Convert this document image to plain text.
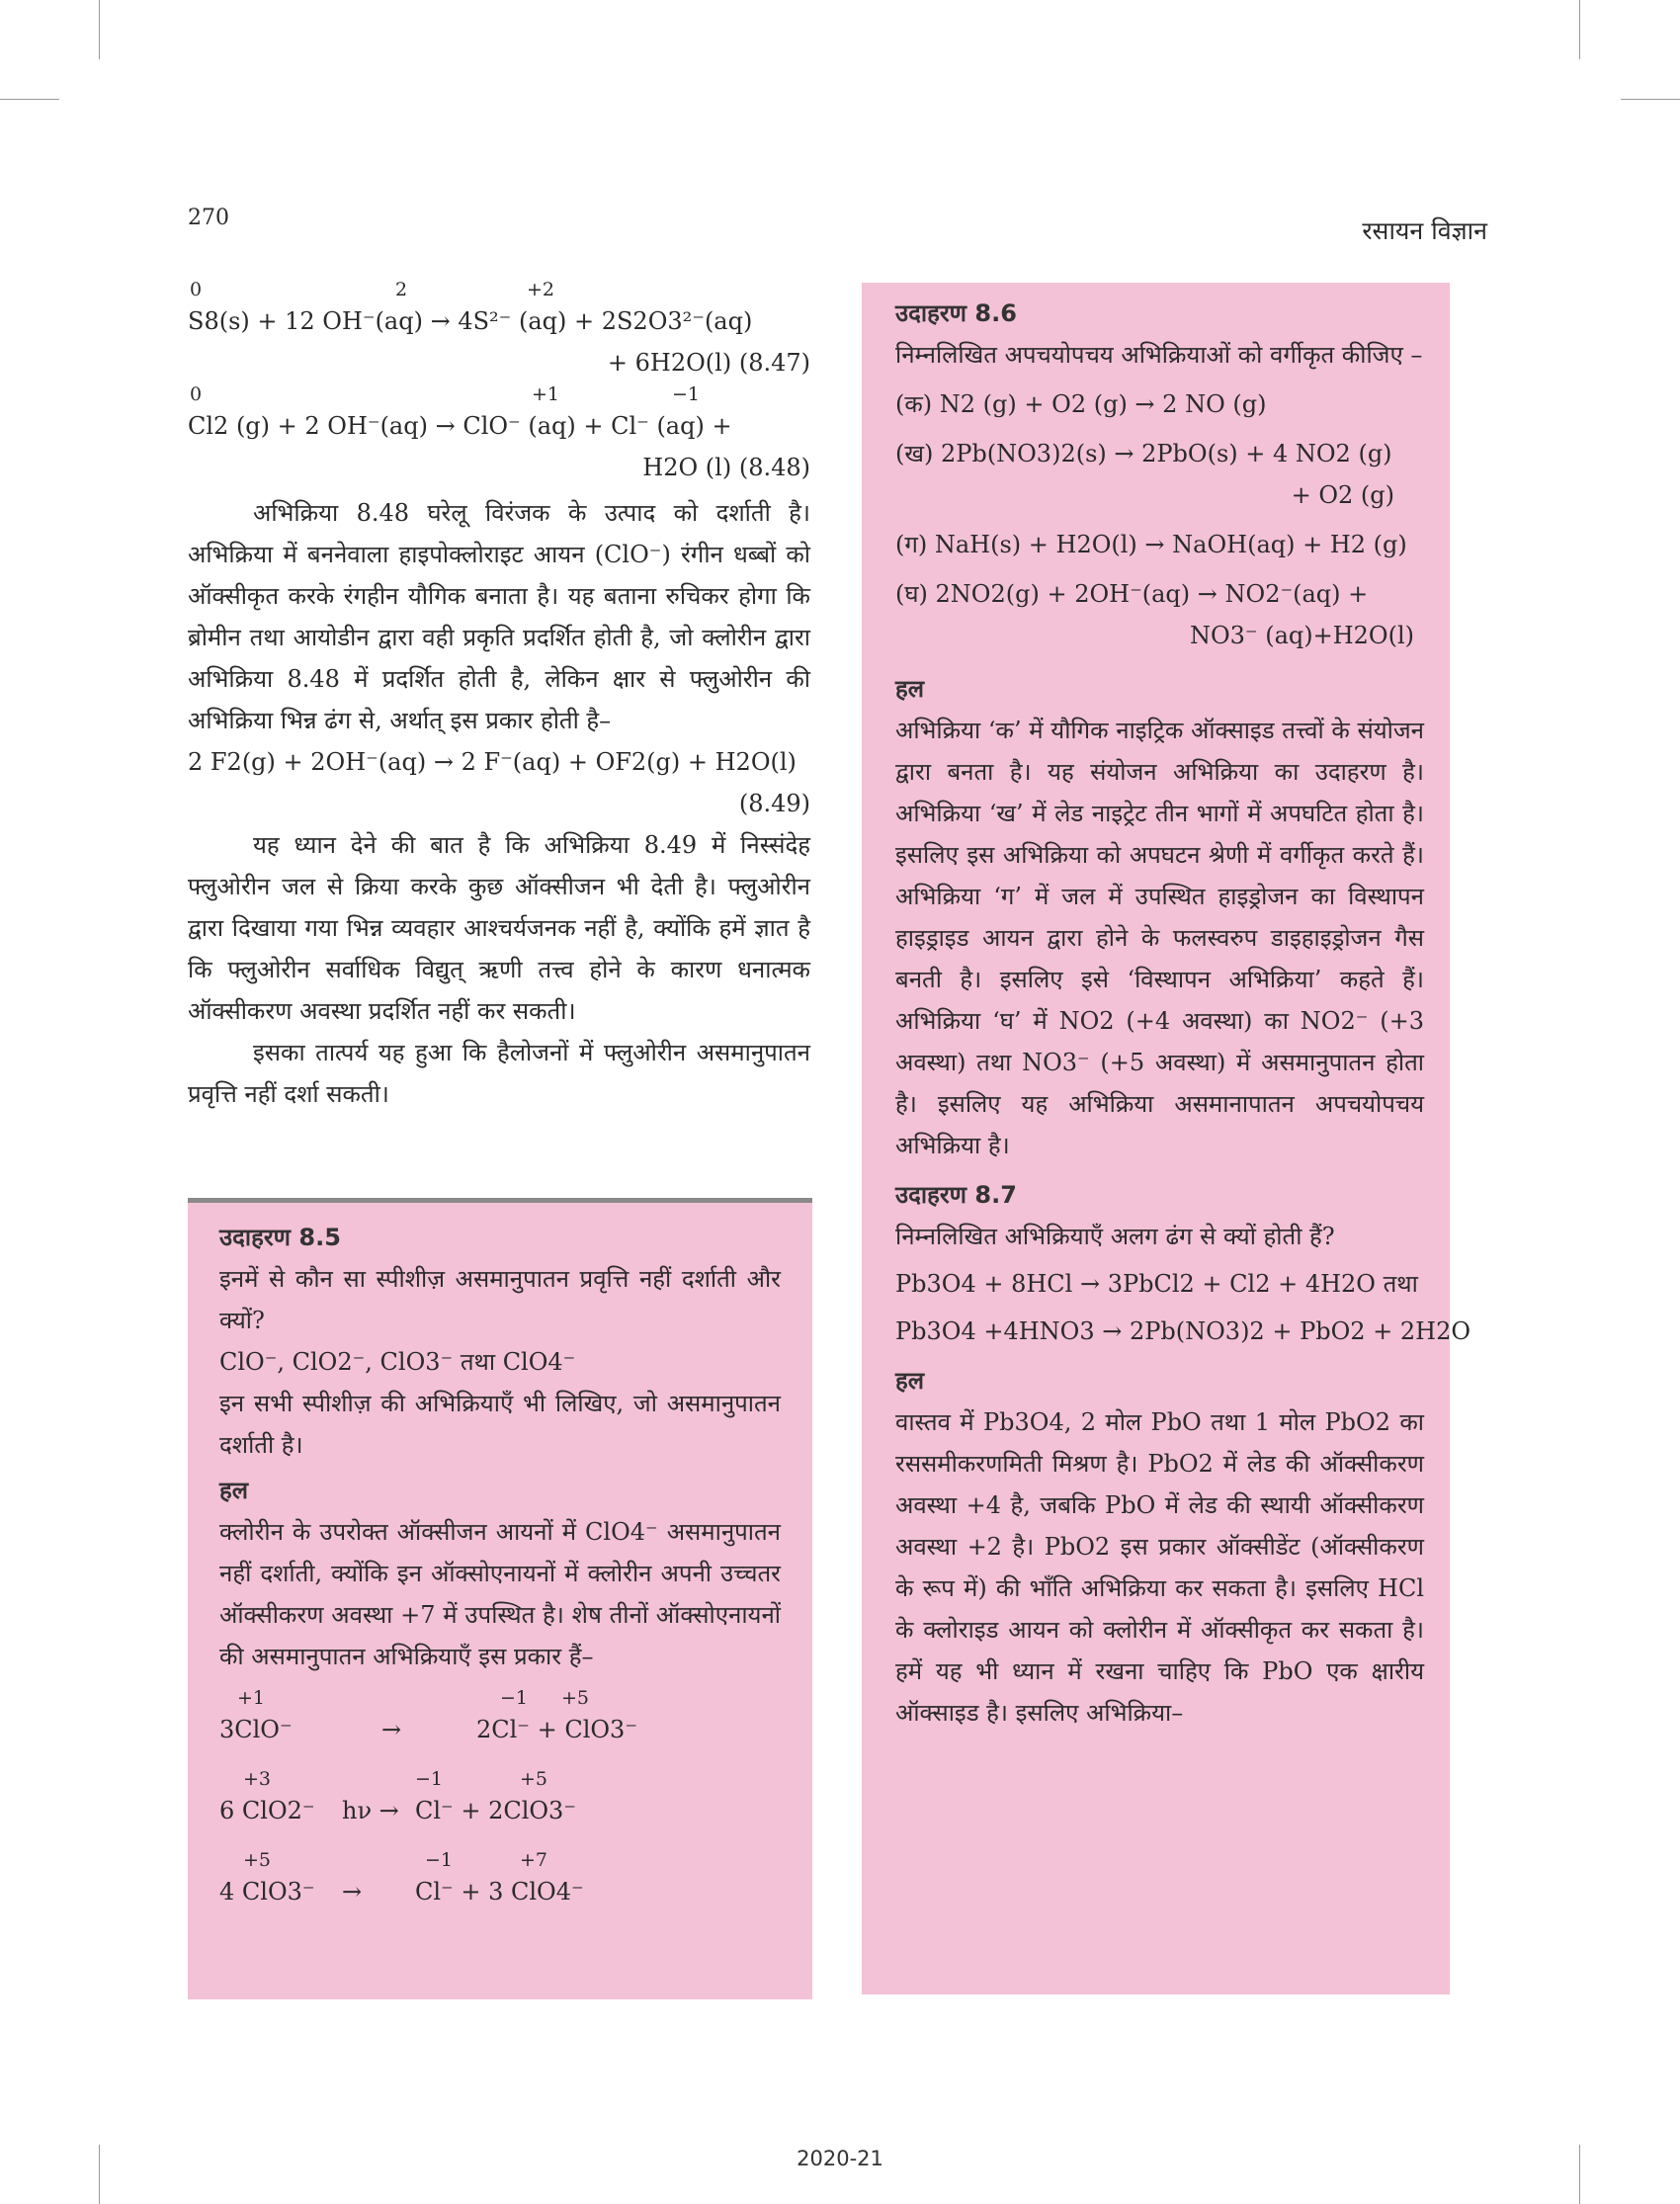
270	रसायन विज्ञान
0	2	+2
S8(s) + 12 OH⁻(aq) → 4S²⁻ (aq) + 2S2O3²⁻(aq)
+ 6H2O(l) (8.47)
0	+1	−1
Cl2 (g) + 2 OH⁻(aq) → ClO⁻ (aq) + Cl⁻ (aq) +
H2O (l) (8.48)

अभिक्रिया 8.48 घरेलू विरंजक के उत्पाद को दर्शाती है। अभिक्रिया में बननेवाला हाइपोक्लोराइट आयन (ClO⁻) रंगीन धब्बों को ऑक्सीकृत करके रंगहीन यौगिक बनाता है। यह बताना रुचिकर होगा कि ब्रोमीन तथा आयोडीन द्वारा वही प्रकृति प्रदर्शित होती है, जो क्लोरीन द्वारा अभिक्रिया 8.48 में प्रदर्शित होती है, लेकिन क्षार से फ्लुओरीन की अभिक्रिया भिन्न ढंग से, अर्थात् इस प्रकार होती है–

2 F2(g) + 2OH⁻(aq) → 2 F⁻(aq) + OF2(g) + H2O(l)
(8.49)

यह ध्यान देने की बात है कि अभिक्रिया 8.49 में निस्संदेह फ्लुओरीन जल से क्रिया करके कुछ ऑक्सीजन भी देती है। फ्लुओरीन द्वारा दिखाया गया भिन्न व्यवहार आश्चर्यजनक नहीं है, क्योंकि हमें ज्ञात है कि फ्लुओरीन सर्वाधिक विद्युत् ऋणी तत्त्व होने के कारण धनात्मक ऑक्सीकरण अवस्था प्रदर्शित नहीं कर सकती।

इसका तात्पर्य यह हुआ कि हैलोजनों में फ्लुओरीन असमानुपातन प्रवृत्ति नहीं दर्शा सकती।

उदाहरण 8.5

इनमें से कौन सा स्पीशीज़ असमानुपातन प्रवृत्ति नहीं दर्शाती और क्यों?

ClO⁻, ClO2⁻, ClO3⁻ तथा ClO4⁻

इन सभी स्पीशीज़ की अभिक्रियाएँ भी लिखिए, जो असमानुपातन दर्शाती है।

हल

क्लोरीन के उपरोक्त ऑक्सीजन आयनों में ClO4⁻ असमानुपातन नहीं दर्शाती, क्योंकि इन ऑक्सोएनायनों में क्लोरीन अपनी उच्चतर ऑक्सीकरण अवस्था +7 में उपस्थित है। शेष तीनों ऑक्सोएनायनों की असमानुपातन अभिक्रियाएँ इस प्रकार हैं–

+1	−1 +5
3ClO⁻	→	2Cl⁻ + ClO3⁻
+3	−1	+5
6 ClO2⁻ hν → Cl⁻ + 2ClO3⁻
+5	−1	+7
4 ClO3⁻ → Cl⁻ + 3 ClO4⁻

उदाहरण 8.6

निम्नलिखित अपचयोपचय अभिक्रियाओं को वर्गीकृत कीजिए –

(क) N2 (g) + O2 (g) → 2 NO (g)

(ख) 2Pb(NO3)2(s) → 2PbO(s) + 4 NO2 (g)

+ O2 (g)

(ग) NaH(s) + H2O(l) → NaOH(aq) + H2 (g)

(घ) 2NO2(g) + 2OH⁻(aq) → NO2⁻(aq) +

NO3⁻ (aq)+H2O(l)

हल

अभिक्रिया ‘क’ में यौगिक नाइट्रिक ऑक्साइड तत्त्वों के संयोजन द्वारा बनता है। यह संयोजन अभिक्रिया का उदाहरण है। अभिक्रिया ‘ख’ में लेड नाइट्रेट तीन भागों में अपघटित होता है। इसलिए इस अभिक्रिया को अपघटन श्रेणी में वर्गीकृत करते हैं। अभिक्रिया ‘ग’ में जल में उपस्थित हाइड्रोजन का विस्थापन हाइड्राइड आयन द्वारा होने के फलस्वरुप डाइहाइड्रोजन गैस बनती है। इसलिए इसे ‘विस्थापन अभिक्रिया’ कहते हैं। अभिक्रिया ‘घ’ में NO2 (+4 अवस्था) का NO2⁻ (+3 अवस्था) तथा NO3⁻ (+5 अवस्था) में असमानुपातन होता है। इसलिए यह अभिक्रिया असमानापातन अपचयोपचय अभिक्रिया है।

उदाहरण 8.7

निम्नलिखित अभिक्रियाएँ अलग ढंग से क्यों होती हैं?

Pb3O4 + 8HCl → 3PbCl2 + Cl2 + 4H2O तथा

Pb3O4 +4HNO3 → 2Pb(NO3)2 + PbO2 + 2H2O

हल

वास्तव में Pb3O4, 2 मोल PbO तथा 1 मोल PbO2 का रससमीकरणमिती मिश्रण है। PbO2 में लेड की ऑक्सीकरण अवस्था +4 है, जबकि PbO में लेड की स्थायी ऑक्सीकरण अवस्था +2 है। PbO2 इस प्रकार ऑक्सीडेंट (ऑक्सीकरण के रूप में) की भाँति अभिक्रिया कर सकता है। इसलिए HCl के क्लोराइड आयन को क्लोरीन में ऑक्सीकृत कर सकता है। हमें यह भी ध्यान में रखना चाहिए कि PbO एक क्षारीय ऑक्साइड है। इसलिए अभिक्रिया–

2020-21
